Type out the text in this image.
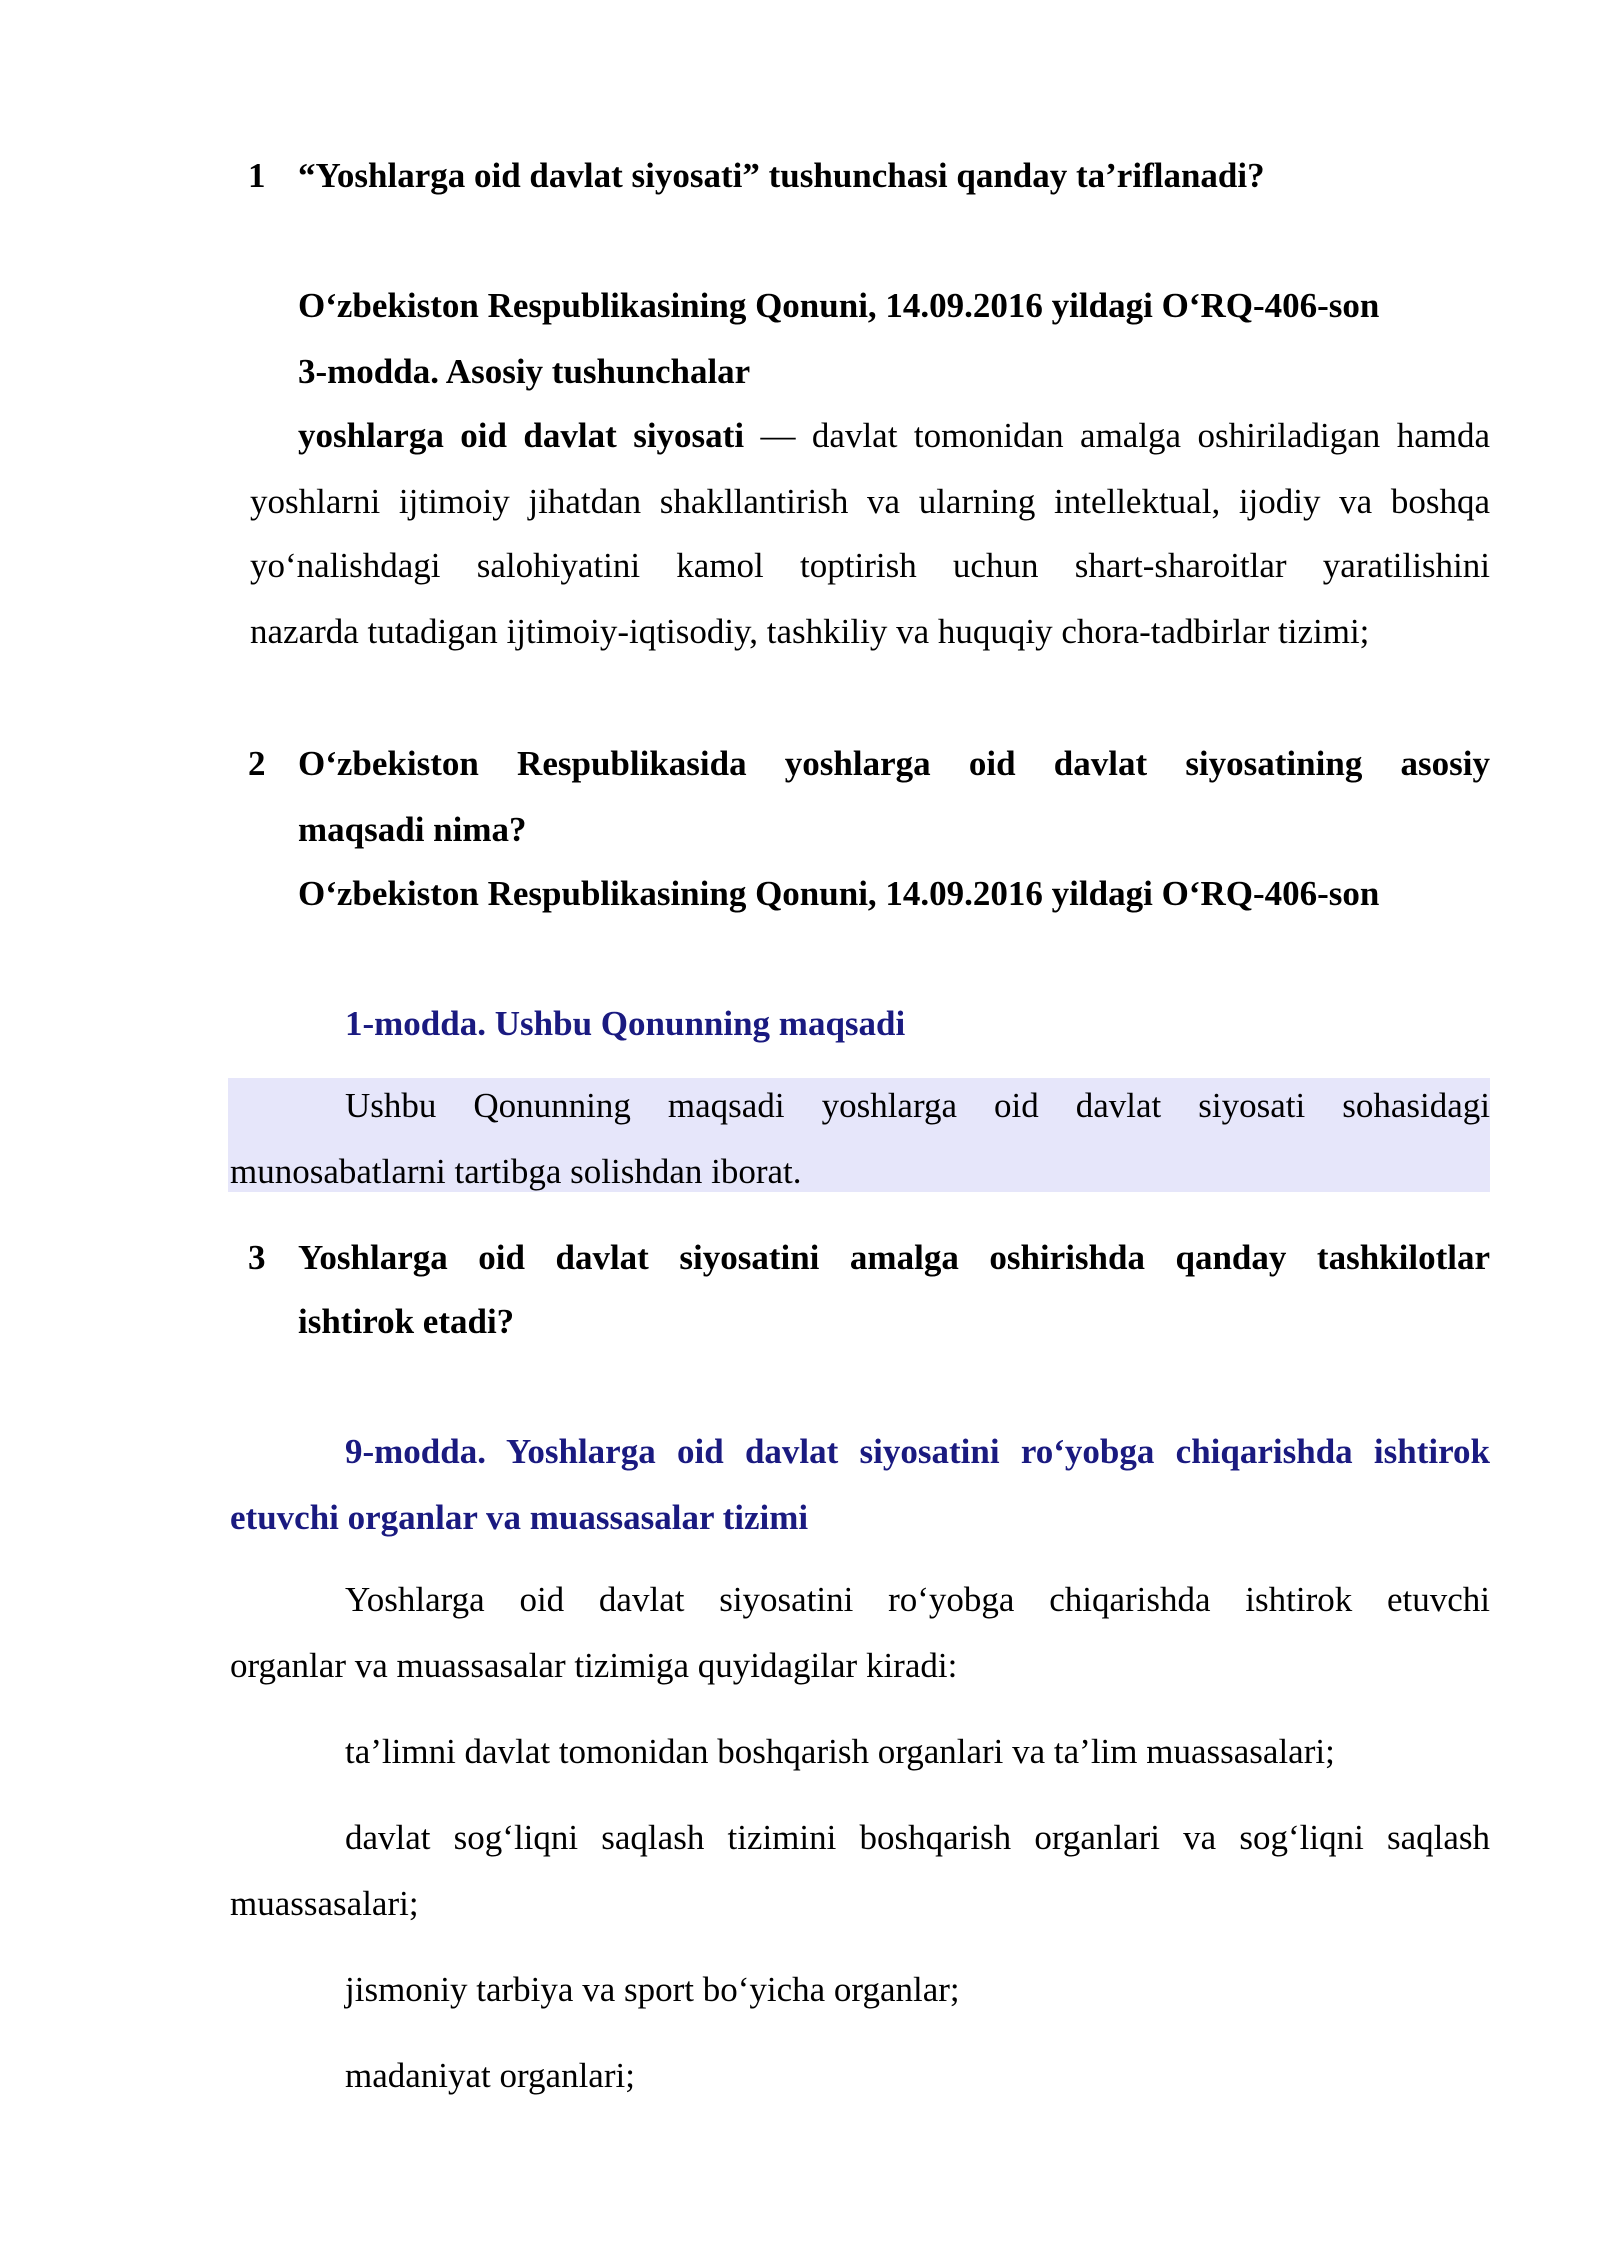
1 “Yoshlarga oid davlat siyosati” tushunchasi qanday ta’riflanadi?
O‘zbekiston Respublikasining Qonuni, 14.09.2016 yildagi O‘RQ-406-son
3-modda. Asosiy tushunchalar
yoshlarga oid davlat siyosati — davlat tomonidan amalga oshiriladigan hamda
yoshlarni ijtimoiy jihatdan shakllantirish va ularning intellektual, ijodiy va boshqa
yo‘nalishdagi salohiyatini kamol toptirish uchun shart-sharoitlar yaratilishini
nazarda tutadigan ijtimoiy-iqtisodiy, tashkiliy va huquqiy chora-tadbirlar tizimi;
2 O‘zbekiston Respublikasida yoshlarga oid davlat siyosatining asosiy
maqsadi nima?
O‘zbekiston Respublikasining Qonuni, 14.09.2016 yildagi O‘RQ-406-son
1-modda. Ushbu Qonunning maqsadi
Ushbu Qonunning maqsadi yoshlarga oid davlat siyosati sohasidagi
munosabatlarni tartibga solishdan iborat.
3 Yoshlarga oid davlat siyosatini amalga oshirishda qanday tashkilotlar
ishtirok etadi?
9-modda. Yoshlarga oid davlat siyosatini ro‘yobga chiqarishda ishtirok
etuvchi organlar va muassasalar tizimi
Yoshlarga oid davlat siyosatini ro‘yobga chiqarishda ishtirok etuvchi
organlar va muassasalar tizimiga quyidagilar kiradi:
ta’limni davlat tomonidan boshqarish organlari va ta’lim muassasalari;
davlat sog‘liqni saqlash tizimini boshqarish organlari va sog‘liqni saqlash
muassasalari;
jismoniy tarbiya va sport bo‘yicha organlar;
madaniyat organlari;
